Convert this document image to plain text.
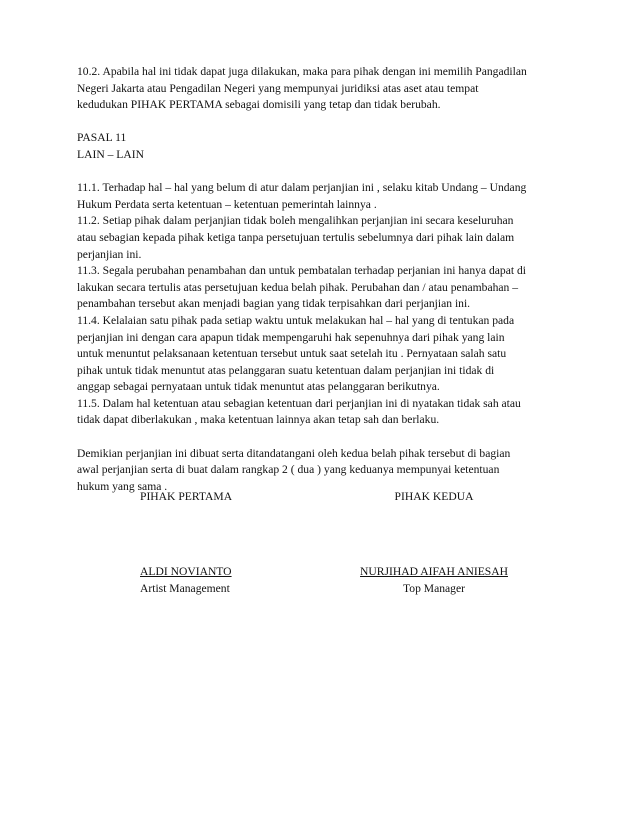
10.2. Apabila hal ini tidak dapat juga dilakukan, maka para pihak dengan ini memilih Pangadilan
Negeri Jakarta atau Pengadilan Negeri yang mempunyai juridiksi atas aset atau tempat
kedudukan PIHAK PERTAMA sebagai domisili yang tetap dan tidak berubah.

PASAL 11
LAIN – LAIN

11.1. Terhadap hal – hal yang belum di atur dalam perjanjian ini , selaku kitab Undang – Undang
Hukum Perdata serta ketentuan – ketentuan pemerintah lainnya .
11.2. Setiap pihak dalam perjanjian tidak boleh mengalihkan perjanjian ini secara keseluruhan
atau sebagian kepada pihak ketiga tanpa persetujuan tertulis sebelumnya dari pihak lain dalam
perjanjian ini.
11.3. Segala perubahan penambahan dan untuk pembatalan terhadap perjanian ini hanya dapat di
lakukan secara tertulis atas persetujuan kedua belah pihak. Perubahan dan / atau penambahan –
penambahan tersebut akan menjadi bagian yang tidak terpisahkan dari perjanjian ini.
11.4. Kelalaian satu pihak pada setiap waktu untuk melakukan hal – hal yang di tentukan pada
perjanjian ini dengan cara apapun tidak mempengaruhi hak sepenuhnya dari pihak yang lain
untuk menuntut pelaksanaan ketentuan tersebut untuk saat setelah itu . Pernyataan salah satu
pihak untuk tidak menuntut atas pelanggaran suatu ketentuan dalam perjanjian ini tidak di
anggap sebagai pernyataan untuk tidak menuntut atas pelanggaran berikutnya.
11.5. Dalam hal ketentuan atau sebagian ketentuan dari perjanjian ini di nyatakan tidak sah atau
tidak dapat diberlakukan , maka ketentuan lainnya akan tetap sah dan berlaku.

Demikian perjanjian ini dibuat serta ditandatangani oleh kedua belah pihak tersebut di bagian
awal perjanjian serta di buat dalam rangkap 2 ( dua ) yang keduanya mempunyai ketentuan
hukum yang sama .

PIHAK PERTAMA	PIHAK KEDUA
ALDI NOVIANTO	NURJIHAD AIFAH ANIESAH
Artist Management	Top Manager
